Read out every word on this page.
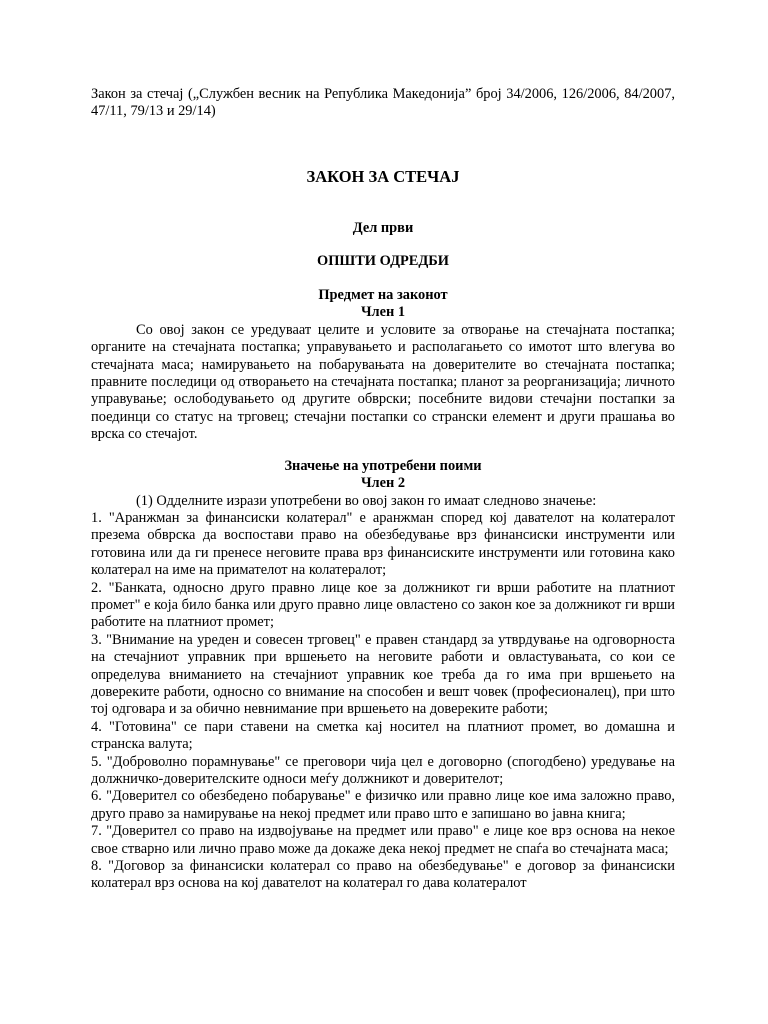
Закон за стечај („Службен весник на Република Македонија” број 34/2006, 126/2006, 84/2007, 47/11, 79/13 и 29/14)

ЗАКОН ЗА СТЕЧАЈ

Дел први

ОПШТИ ОДРЕДБИ

Предмет на законот

Член 1

Со овој закон се уредуваат целите и условите за отворање на стечајната постапка; органите на стечајната постапка; управувањето и располагањето со имотот што влегува во стечајната маса; намирувањето на побарувањата на доверителите во стечајната постапка; правните последици од отворањето на стечајната постапка; планот за реорганизација; личното управување; ослободувањето од другите обврски; посебните видови стечајни постапки за поединци со статус на трговец; стечајни постапки со странски елемент и други прашања во врска со стечајот.

Значење на употребени поими

Член 2

(1) Одделните изрази употребени во овој закон го имаат следново значење:

1. "Аранжман за финансиски колатерал" е аранжман според кој давателот на колатералот презема обврска да воспостави право на обезбедување врз финансиски инструменти или готовина или да ги пренесе неговите права врз финансиските инструменти или готовина како колатерал на име на примателот на колатералот;

2. "Банката, односно друго правно лице кое за должникот ги врши работите на платниот промет" е која било банка или друго правно лице овластено со закон кое за должникот ги врши работите на платниот промет;

3. "Внимание на уреден и совесен трговец" е правен стандард за утврдување на одговорноста на стечајниот управник при вршењето на неговите работи и овластувањата, со кои се определува вниманието на стечајниот управник кое треба да го има при вршењето на довереките работи, односно со внимание на способен и вешт човек (професионалец), при што тој одговара и за обично невнимание при вршењето на довереките работи;

4. "Готовина" се пари ставени на сметка кај носител на платниот промет, во домашна и странска валута;

5. "Доброволно порамнување" се преговори чија цел е договорно (спогодбено) уредување на должничко-доверителските односи меѓу должникот и доверителот;

6. "Доверител со обезбедено побарување" е физичко или правно лице кое има заложно право, друго право за намирување на некој предмет или право што е запишано во јавна книга;

7. "Доверител со право на издвојување на предмет или право" е лице кое врз основа на некое свое стварно или лично право може да докаже дека некој предмет не спаѓа во стечајната маса;

8. "Договор за финансиски колатерал со право на обезбедување" е договор за финансиски колатерал врз основа на кој давателот на колатерал го дава колатералот
